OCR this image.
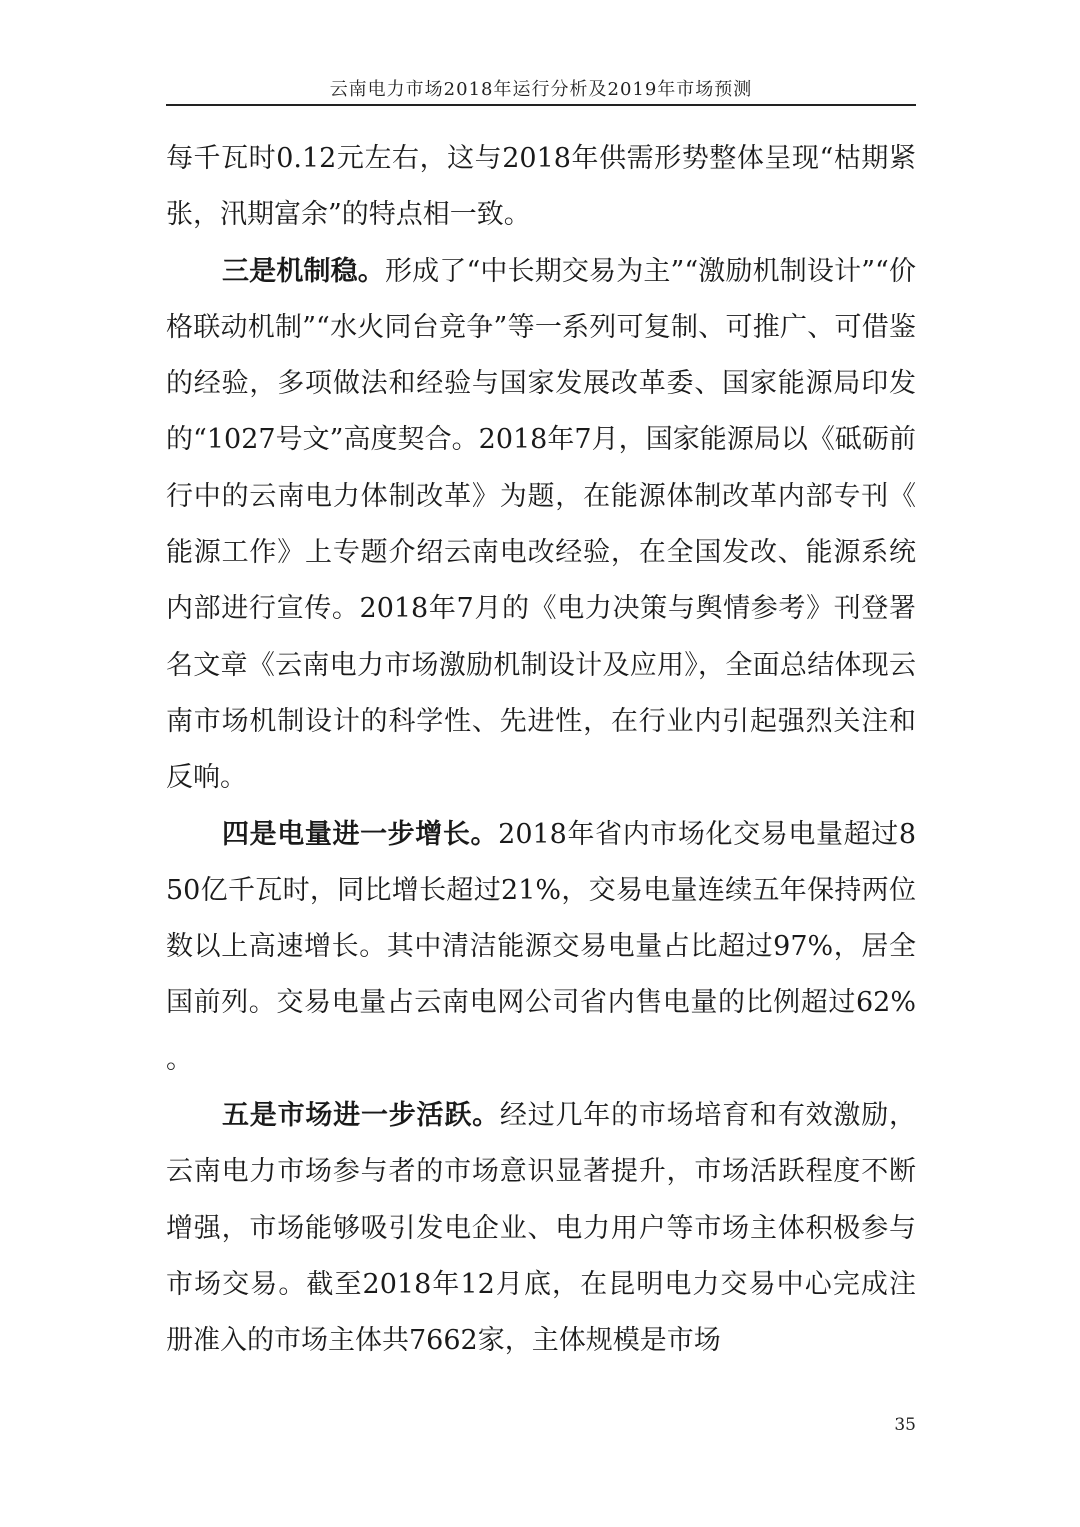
云南电力市场2018年运行分析及2019年市场预测

每千瓦时0.12元左右，这与2018年供需形势整体呈现“枯期紧张，汛期富余”的特点相一致。

三是机制稳。形成了“中长期交易为主”“激励机制设计”“价格联动机制”“水火同台竞争”等一系列可复制、可推广、可借鉴的经验，多项做法和经验与国家发展改革委、国家能源局印发的“1027号文”高度契合。2018年7月，国家能源局以《砥砺前行中的云南电力体制改革》为题，在能源体制改革内部专刊《能源工作》上专题介绍云南电改经验，在全国发改、能源系统内部进行宣传。2018年7月的《电力决策与舆情参考》刊登署名文章《云南电力市场激励机制设计及应用》，全面总结体现云南市场机制设计的科学性、先进性，在行业内引起强烈关注和反响。

四是电量进一步增长。2018年省内市场化交易电量超过850亿千瓦时，同比增长超过21%，交易电量连续五年保持两位数以上高速增长。其中清洁能源交易电量占比超过97%，居全国前列。交易电量占云南电网公司省内售电量的比例超过62%。

五是市场进一步活跃。经过几年的市场培育和有效激励，云南电力市场参与者的市场意识显著提升，市场活跃程度不断增强，市场能够吸引发电企业、电力用户等市场主体积极参与市场交易。截至2018年12月底，在昆明电力交易中心完成注册准入的市场主体共7662家，主体规模是市场

35
